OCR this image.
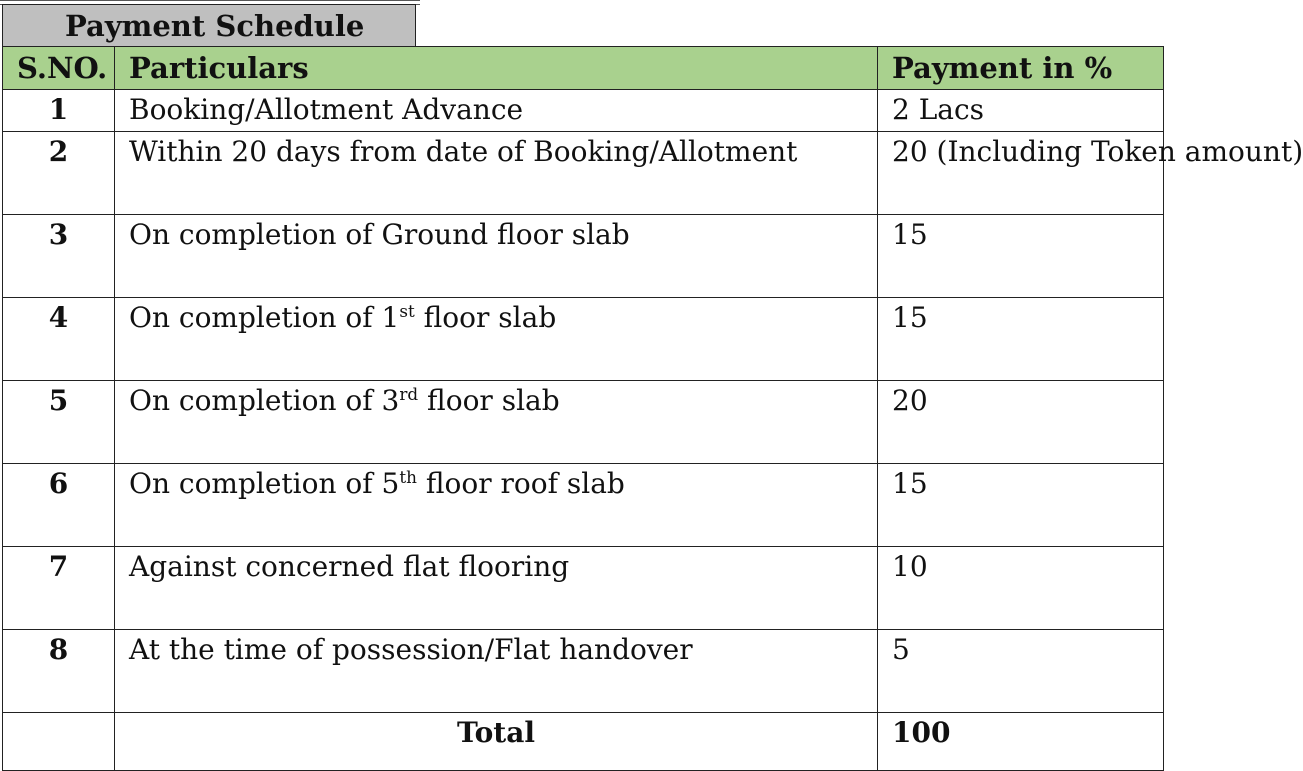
Payment Schedule
S.NO.	Particulars	Payment in %
1	Booking/Allotment Advance	2 Lacs
2	Within 20 days from date of Booking/Allotment	20 (Including Token amount)
3	On completion of Ground floor slab	15
4	On completion of 1st floor slab	15
5	On completion of 3rd floor slab	20
6	On completion of 5th floor roof slab	15
7	Against concerned flat flooring	10
8	At the time of possession/Flat handover	5
	Total	100
